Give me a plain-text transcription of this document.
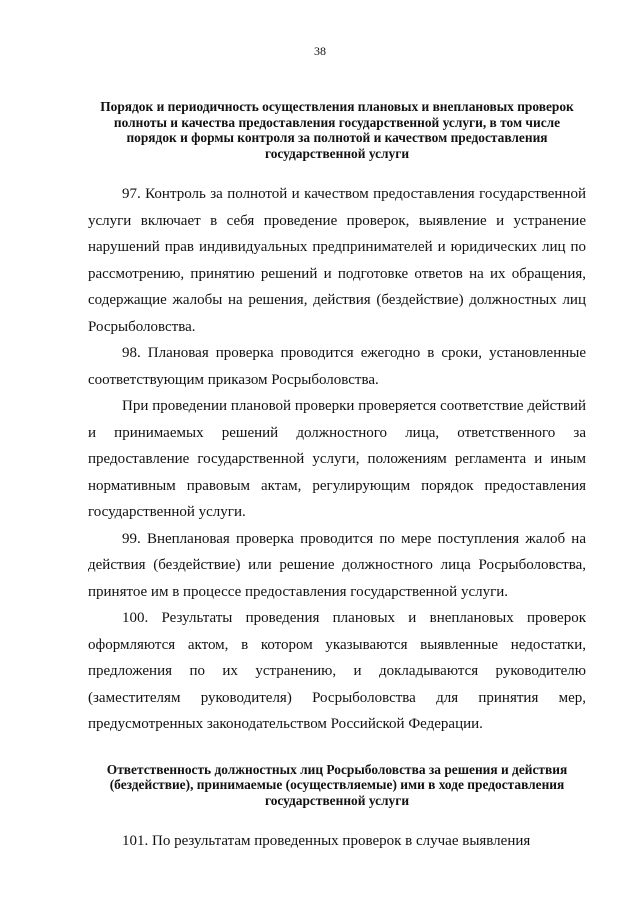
38
Порядок и периодичность осуществления плановых и внеплановых проверок полноты и качества предоставления государственной услуги, в том числе порядок и формы контроля за полнотой и качеством предоставления государственной услуги

97. Контроль за полнотой и качеством предоставления государственной услуги включает в себя проведение проверок, выявление и устранение нарушений прав индивидуальных предпринимателей и юридических лиц по рассмотрению, принятию решений и подготовке ответов на их обращения, содержащие жалобы на решения, действия (бездействие) должностных лиц Росрыболовства.

98. Плановая проверка проводится ежегодно в сроки, установленные соответствующим приказом Росрыболовства.

При проведении плановой проверки проверяется соответствие действий и принимаемых решений должностного лица, ответственного за предоставление государственной услуги, положениям регламента и иным нормативным правовым актам, регулирующим порядок предоставления государственной услуги.

99. Внеплановая проверка проводится по мере поступления жалоб на действия (бездействие) или решение должностного лица Росрыболовства, принятое им в процессе предоставления государственной услуги.

100. Результаты проведения плановых и внеплановых проверок оформляются актом, в котором указываются выявленные недостатки, предложения по их устранению, и докладываются руководителю (заместителям руководителя) Росрыболовства для принятия мер, предусмотренных законодательством Российской Федерации.

Ответственность должностных лиц Росрыболовства за решения и действия (бездействие), принимаемые (осуществляемые) ими в ходе предоставления государственной услуги

101. По результатам проведенных проверок в случае выявления
